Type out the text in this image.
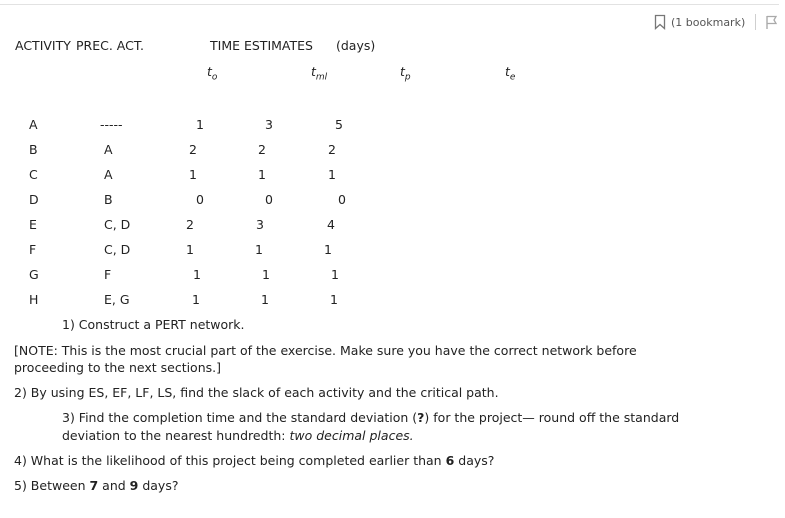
(1 bookmark)
ACTIVITY PREC. ACT.	TIME ESTIMATES (days)
$t_o$	$t_{ml}$	$t_p$	$t_e$
A	-----	1	3	5
B	A	2	2	2
C	A	1	1	1
D	B	0	0	0
E	C, D	2	3	4
F	C, D	1	1	1
G	F	1	1	1
H	E, G	1	1	1
1) Construct a PERT network.
[NOTE: This is the most crucial part of the exercise. Make sure you have the correct network before
proceeding to the next sections.]
2) By using ES, EF, LF, LS, find the slack of each activity and the critical path.
3) Find the completion time and the standard deviation (?) for the project— round off the standard
deviation to the nearest hundredth: two decimal places.
4) What is the likelihood of this project being completed earlier than 6 days?
5) Between 7 and 9 days?
